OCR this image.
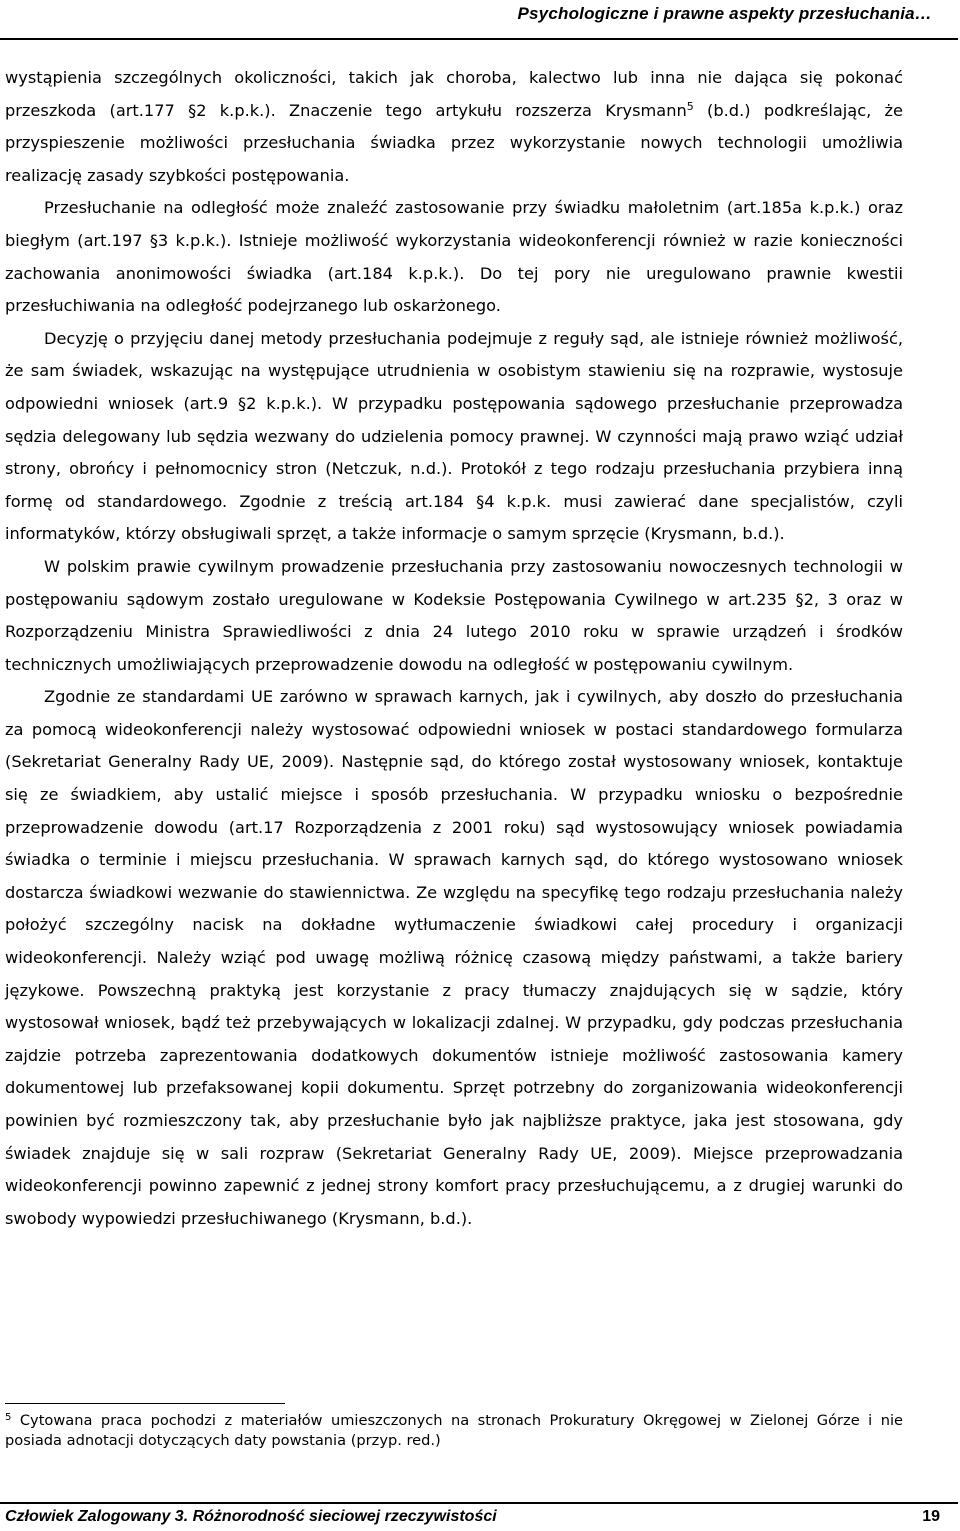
Psychologiczne i prawne aspekty przesłuchania…

wystąpienia szczególnych okoliczności, takich jak choroba, kalectwo lub inna nie dająca się pokonać przeszkoda (art.177 §2 k.p.k.). Znaczenie tego artykułu rozszerza Krysmann$^5$ (b.d.) podkreślając, że przyspieszenie możliwości przesłuchania świadka przez wykorzystanie nowych technologii umożliwia realizację zasady szybkości postępowania.

Przesłuchanie na odległość może znaleźć zastosowanie przy świadku małoletnim (art.185a k.p.k.) oraz biegłym (art.197 §3 k.p.k.). Istnieje możliwość wykorzystania wideokonferencji również w razie konieczności zachowania anonimowości świadka (art.184 k.p.k.). Do tej pory nie uregulowano prawnie kwestii przesłuchiwania na odległość podejrzanego lub oskarżonego.

Decyzję o przyjęciu danej metody przesłuchania podejmuje z reguły sąd, ale istnieje również możliwość, że sam świadek, wskazując na występujące utrudnienia w osobistym stawieniu się na rozprawie, wystosuje odpowiedni wniosek (art.9 §2 k.p.k.). W przypadku postępowania sądowego przesłuchanie przeprowadza sędzia delegowany lub sędzia wezwany do udzielenia pomocy prawnej. W czynności mają prawo wziąć udział strony, obrońcy i pełnomocnicy stron (Netczuk, n.d.). Protokół z tego rodzaju przesłuchania przybiera inną formę od standardowego. Zgodnie z treścią art.184 §4 k.p.k. musi zawierać dane specjalistów, czyli informatyków, którzy obsługiwali sprzęt, a także informacje o samym sprzęcie (Krysmann, b.d.).

W polskim prawie cywilnym prowadzenie przesłuchania przy zastosowaniu nowoczesnych technologii w postępowaniu sądowym zostało uregulowane w Kodeksie Postępowania Cywilnego w art.235 §2, 3 oraz w Rozporządzeniu Ministra Sprawiedliwości z dnia 24 lutego 2010 roku w sprawie urządzeń i środków technicznych umożliwiających przeprowadzenie dowodu na odległość w postępowaniu cywilnym.

Zgodnie ze standardami UE zarówno w sprawach karnych, jak i cywilnych, aby doszło do przesłuchania za pomocą wideokonferencji należy wystosować odpowiedni wniosek w postaci standardowego formularza (Sekretariat Generalny Rady UE, 2009). Następnie sąd, do którego został wystosowany wniosek, kontaktuje się ze świadkiem, aby ustalić miejsce i sposób przesłuchania. W przypadku wniosku o bezpośrednie przeprowadzenie dowodu (art.17 Rozporządzenia z 2001 roku) sąd wystosowujący wniosek powiadamia świadka o terminie i miejscu przesłuchania. W sprawach karnych sąd, do którego wystosowano wniosek dostarcza świadkowi wezwanie do stawiennictwa. Ze względu na specyfikę tego rodzaju przesłuchania należy położyć szczególny nacisk na dokładne wytłumaczenie świadkowi całej procedury i organizacji wideokonferencji. Należy wziąć pod uwagę możliwą różnicę czasową między państwami, a także bariery językowe. Powszechną praktyką jest korzystanie z pracy tłumaczy znajdujących się w sądzie, który wystosował wniosek, bądź też przebywających w lokalizacji zdalnej. W przypadku, gdy podczas przesłuchania zajdzie potrzeba zaprezentowania dodatkowych dokumentów istnieje możliwość zastosowania kamery dokumentowej lub przefaksowanej kopii dokumentu. Sprzęt potrzebny do zorganizowania wideokonferencji powinien być rozmieszczony tak, aby przesłuchanie było jak najbliższe praktyce, jaka jest stosowana, gdy świadek znajduje się w sali rozpraw (Sekretariat Generalny Rady UE, 2009). Miejsce przeprowadzania wideokonferencji powinno zapewnić z jednej strony komfort pracy przesłuchującemu, a z drugiej warunki do swobody wypowiedzi przesłuchiwanego (Krysmann, b.d.).

$^5$ Cytowana praca pochodzi z materiałów umieszczonych na stronach Prokuratury Okręgowej w Zielonej Górze i nie posiada adnotacji dotyczących daty powstania (przyp. red.)
Człowiek Zalogowany 3. Różnorodność sieciowej rzeczywistości	19
